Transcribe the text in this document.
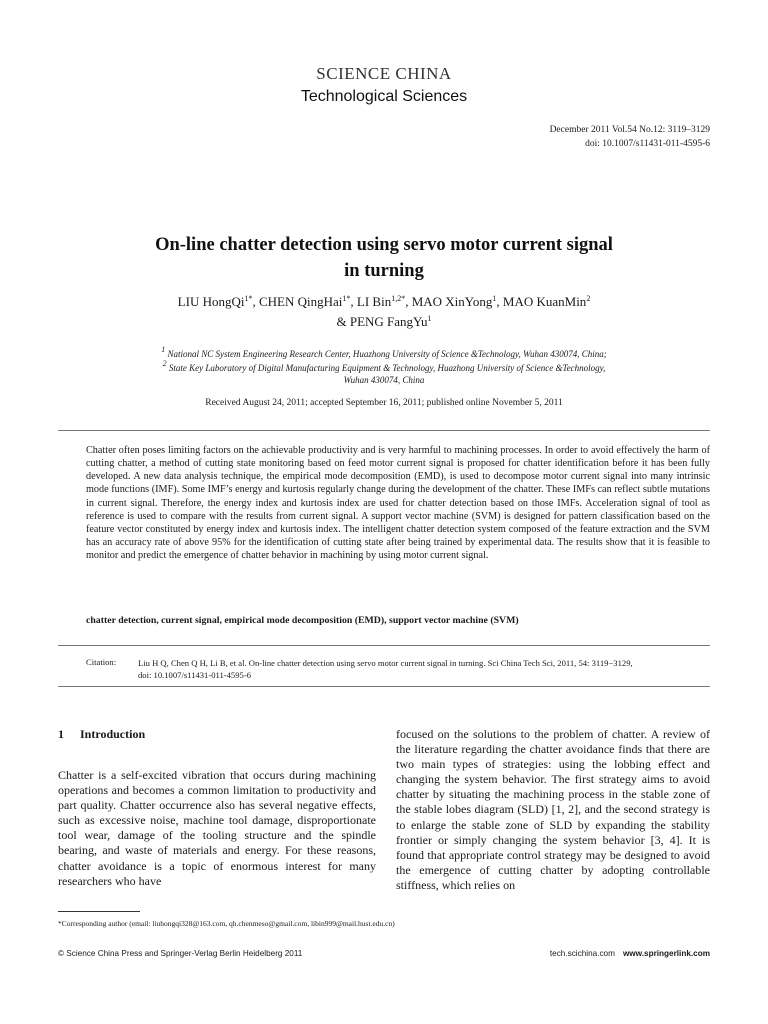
SCIENCE CHINA
Technological Sciences
December 2011 Vol.54 No.12: 3119–3129
doi: 10.1007/s11431-011-4595-6
On-line chatter detection using servo motor current signal
in turning
LIU HongQi$^{1*}$, CHEN QingHai$^{1*}$, LI Bin$^{1,2*}$, MAO XinYong$^1$, MAO KuanMin$^2$
& PENG FangYu$^1$
$^1$ National NC System Engineering Research Center, Huazhong University of Science &Technology, Wuhan 430074, China;
$^2$ State Key Laboratory of Digital Manufacturing Equipment & Technology, Huazhong University of Science &Technology,
Wuhan 430074, China
Received August 24, 2011; accepted September 16, 2011; published online November 5, 2011
Chatter often poses limiting factors on the achievable productivity and is very harmful to machining processes. In order to avoid effectively the harm of cutting chatter, a method of cutting state monitoring based on feed motor current signal is proposed for chatter identification before it has been fully developed. A new data analysis technique, the empirical mode decomposition (EMD), is used to decompose motor current signal into many intrinsic mode functions (IMF). Some IMF’s energy and kurtosis regularly change during the development of the chatter. These IMFs can reflect subtle mutations in current signal. Therefore, the energy index and kurtosis index are used for chatter detection based on those IMFs. Acceleration signal of tool as reference is used to compare with the results from current signal. A support vector machine (SVM) is designed for pattern classification based on the feature vector constituted by energy index and kurtosis index. The intelligent chatter detection system composed of the feature extraction and the SVM has an accuracy rate of above 95% for the identification of cutting state after being trained by experimental data. The results show that it is feasible to monitor and predict the emergence of chatter behavior in machining by using motor current signal.
chatter detection, current signal, empirical mode decomposition (EMD), support vector machine (SVM)
Citation:	Liu H Q, Chen Q H, Li B, et al. On-line chatter detection using servo motor current signal in turning. Sci China Tech Sci, 2011, 54: 3119−3129,
doi: 10.1007/s11431-011-4595-6
1 Introduction
Chatter is a self-excited vibration that occurs during machining operations and becomes a common limitation to productivity and part quality. Chatter occurrence also has several negative effects, such as excessive noise, machine tool damage, disproportionate tool wear, damage of the tooling structure and the spindle bearing, and waste of materials and energy. For these reasons, chatter avoidance is a topic of enormous interest for many researchers who have
focused on the solutions to the problem of chatter. A review of the literature regarding the chatter avoidance finds that there are two main types of strategies: using the lobbing effect and changing the system behavior. The first strategy aims to avoid chatter by situating the machining process in the stable zone of the stable lobes diagram (SLD) [1, 2], and the second strategy is to enlarge the stable zone of SLD by expanding the stability frontier or simply changing the system behavior [3, 4]. It is found that appropriate control strategy may be designed to avoid the emergence of cutting chatter by adopting controllable stiffness, which relies on
*Corresponding author (email: liuhongqi328@163.com, qh.chenmeso@gmail.com, libin999@mail.hust.edu.cn)
© Science China Press and Springer-Verlag Berlin Heidelberg 2011	tech.scichina.com www.springerlink.com
